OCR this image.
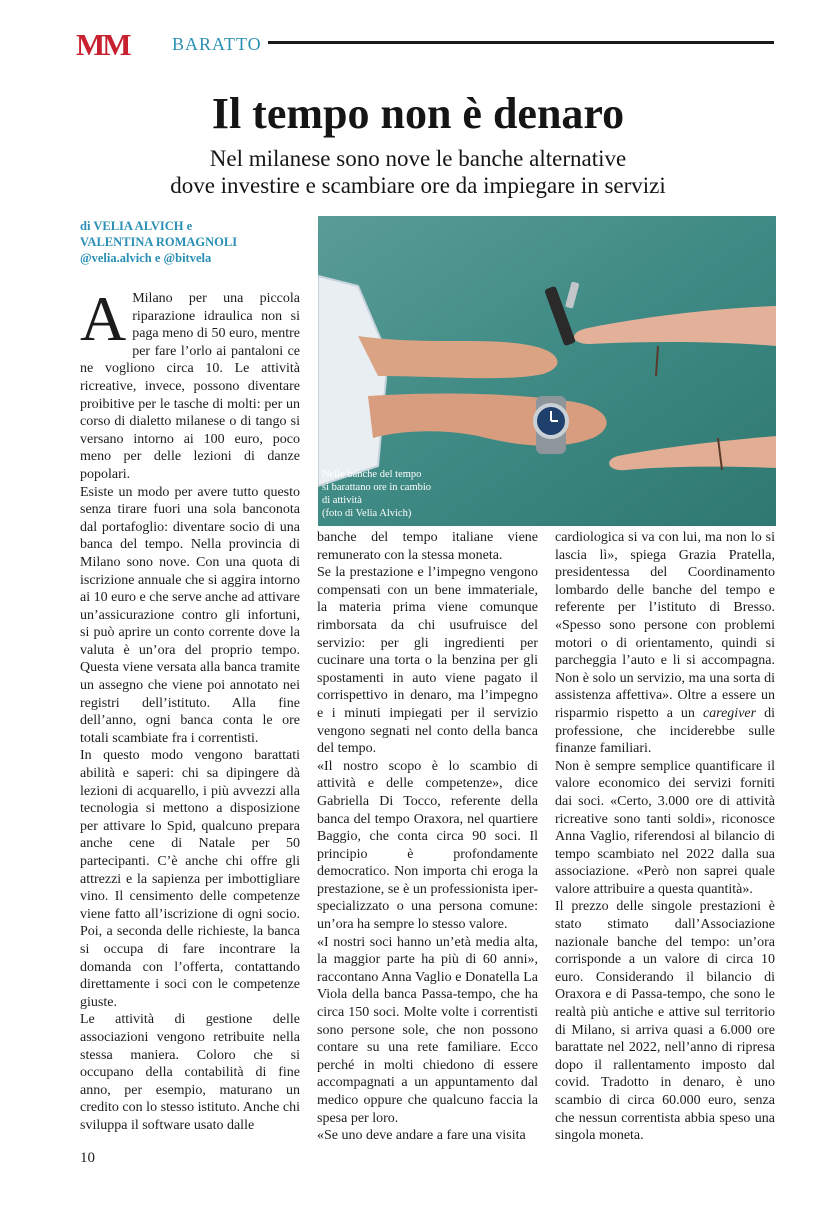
MM BARATTO
Il tempo non è denaro
Nel milanese sono nove le banche alternative
dove investire e scambiare ore da impiegare in servizi
di VELIA ALVICH e
VALENTINA ROMAGNOLI
@velia.alvich e @bitvela
Nelle banche del tempo
si barattano ore in cambio
di attività
(foto di Velia Alvich)

A Milano per una piccola riparazione idraulica non si paga meno di 50 euro, mentre per fare l’orlo ai pantaloni ce ne vogliono circa 10. Le attività ricreative, invece, possono diventare proibitive per le tasche di molti: per un corso di dialetto milanese o di tango si versano intorno ai 100 euro, poco meno per delle lezioni di danze popolari.

Esiste un modo per avere tutto questo senza tirare fuori una sola banconota dal portafoglio: diventare socio di una banca del tempo. Nella provincia di Milano sono nove. Con una quota di iscrizione annuale che si aggira intorno ai 10 euro e che serve anche ad attivare un’assicurazione contro gli infortuni, si può aprire un conto corrente dove la valuta è un’ora del proprio tempo. Questa viene versata alla banca tramite un assegno che viene poi annotato nei registri dell’istituto. Alla fine dell’anno, ogni banca conta le ore totali scambiate fra i correntisti.

In questo modo vengono barattati abilità e saperi: chi sa dipingere dà lezioni di acquarello, i più avvezzi alla tecnologia si mettono a disposizione per attivare lo Spid, qualcuno prepara anche cene di Natale per 50 partecipanti. C’è anche chi offre gli attrezzi e la sapienza per imbottigliare vino. Il censimento delle competenze viene fatto all’iscrizione di ogni socio. Poi, a seconda delle richieste, la banca si occupa di fare incontrare la domanda con l’offerta, contattando direttamente i soci con le competenze giuste.

Le attività di gestione delle associazioni vengono retribuite nella stessa maniera. Coloro che si occupano della contabilità di fine anno, per esempio, maturano un credito con lo stesso istituto. Anche chi sviluppa il software usato dalle

banche del tempo italiane viene remunerato con la stessa moneta.

Se la prestazione e l’impegno vengono compensati con un bene immateriale, la materia prima viene comunque rimborsata da chi usufruisce del servizio: per gli ingredienti per cucinare una torta o la benzina per gli spostamenti in auto viene pagato il corrispettivo in denaro, ma l’impegno e i minuti impiegati per il servizio vengono segnati nel conto della banca del tempo.

«Il nostro scopo è lo scambio di attività e delle competenze», dice Gabriella Di Tocco, referente della banca del tempo Oraxora, nel quartiere Baggio, che conta circa 90 soci. Il principio è profondamente democratico. Non importa chi eroga la prestazione, se è un professionista iper-specializzato o una persona comune: un’ora ha sempre lo stesso valore.

«I nostri soci hanno un’età media alta, la maggior parte ha più di 60 anni», raccontano Anna Vaglio e Donatella La Viola della banca Passa-tempo, che ha circa 150 soci. Molte volte i correntisti sono persone sole, che non possono contare su una rete familiare. Ecco perché in molti chiedono di essere accompagnati a un appuntamento dal medico oppure che qualcuno faccia la spesa per loro.

«Se uno deve andare a fare una visita

cardiologica si va con lui, ma non lo si lascia lì», spiega Grazia Pratella, presidentessa del Coordinamento lombardo delle banche del tempo e referente per l’istituto di Bresso. «Spesso sono persone con problemi motori o di orientamento, quindi si parcheggia l’auto e li si accompagna. Non è solo un servizio, ma una sorta di assistenza affettiva». Oltre a essere un risparmio rispetto a un caregiver di professione, che inciderebbe sulle finanze familiari.

Non è sempre semplice quantificare il valore economico dei servizi forniti dai soci. «Certo, 3.000 ore di attività ricreative sono tanti soldi», riconosce Anna Vaglio, riferendosi al bilancio di tempo scambiato nel 2022 dalla sua associazione. «Però non saprei quale valore attribuire a questa quantità».

Il prezzo delle singole prestazioni è stato stimato dall’Associazione nazionale banche del tempo: un’ora corrisponde a un valore di circa 10 euro. Considerando il bilancio di Oraxora e di Passa-tempo, che sono le realtà più antiche e attive sul territorio di Milano, si arriva quasi a 6.000 ore barattate nel 2022, nell’anno di ripresa dopo il rallentamento imposto dal covid. Tradotto in denaro, è uno scambio di circa 60.000 euro, senza che nessun correntista abbia speso una singola moneta.

10
